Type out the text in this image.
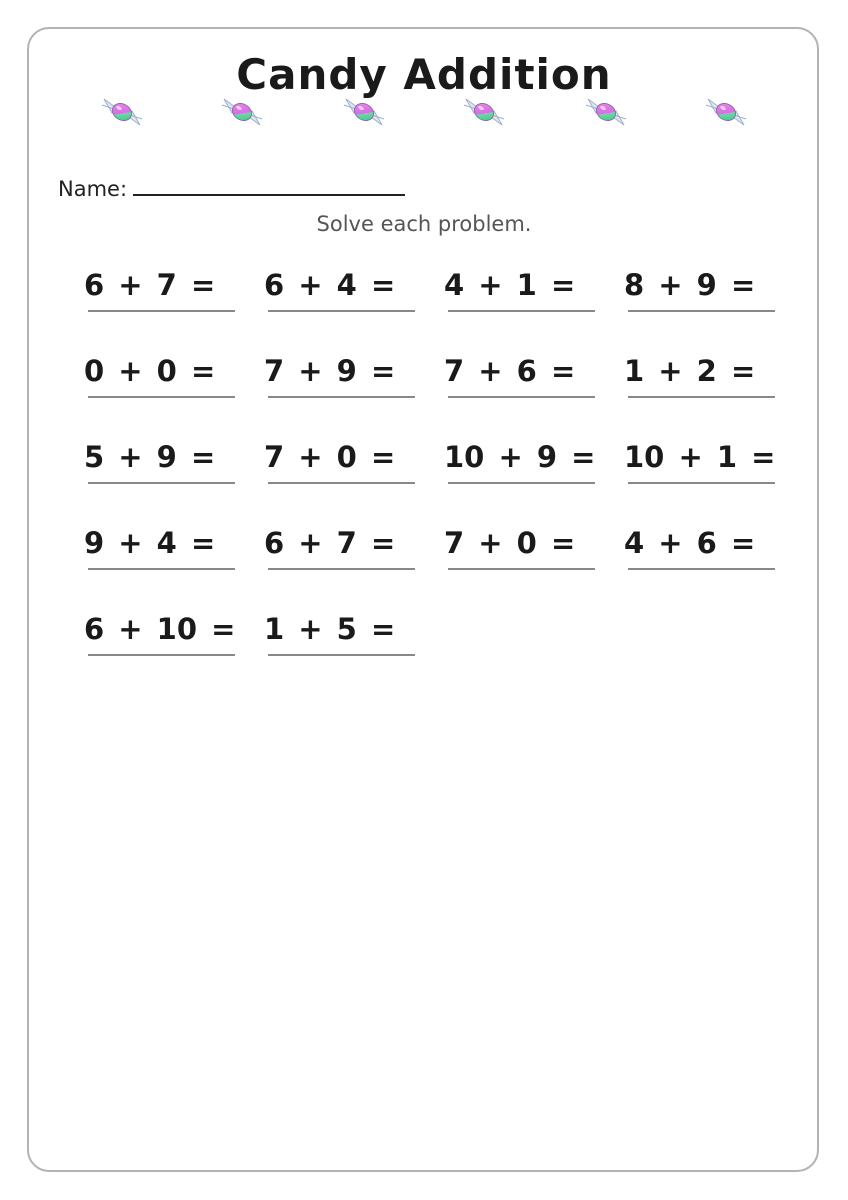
Candy Addition
Name:
Solve each problem.
6 + 7 = 6 + 4 = 4 + 1 = 8 + 9 =
0 + 0 = 7 + 9 = 7 + 6 = 1 + 2 =
5 + 9 = 7 + 0 = 10 + 9 = 10 + 1 =
9 + 4 = 6 + 7 = 7 + 0 = 4 + 6 =
6 + 10 = 1 + 5 =
